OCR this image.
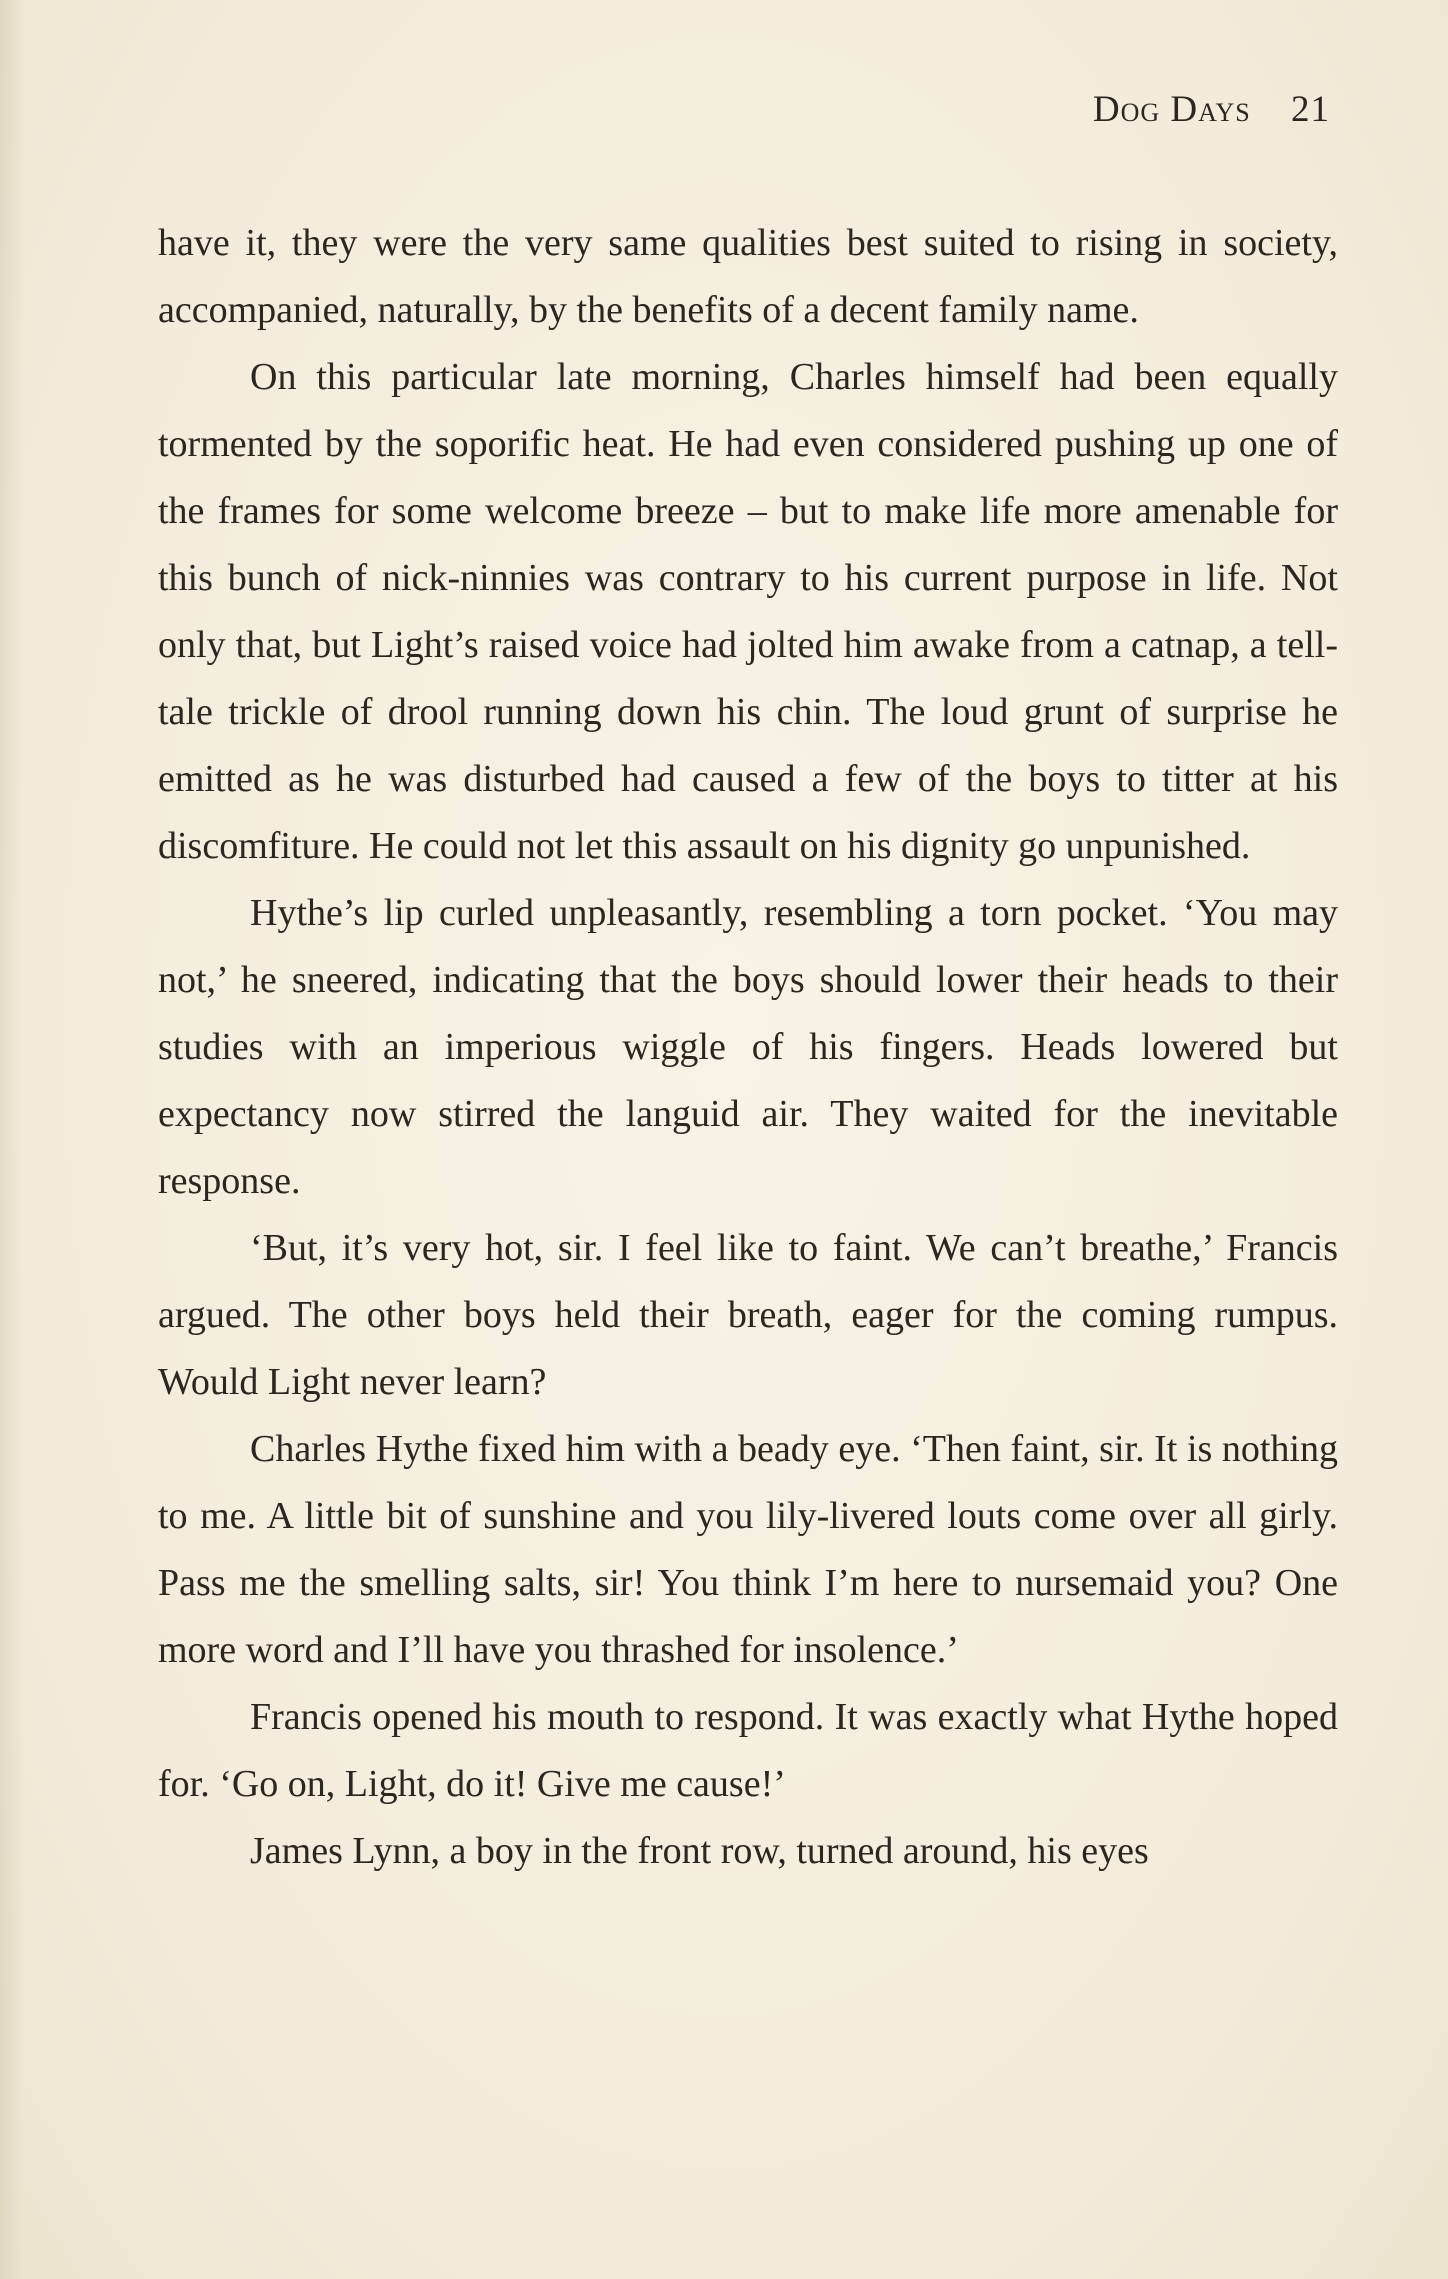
Dog Days 21

have it, they were the very same qualities best suited to rising in society, accompanied, naturally, by the benefits of a decent family name.

On this particular late morning, Charles himself had been equally tormented by the soporific heat. He had even considered pushing up one of the frames for some welcome breeze – but to make life more amenable for this bunch of nick-ninnies was contrary to his current purpose in life. Not only that, but Light’s raised voice had jolted him awake from a catnap, a tell-tale trickle of drool running down his chin. The loud grunt of surprise he emitted as he was disturbed had caused a few of the boys to titter at his discomfiture. He could not let this assault on his dignity go unpunished.

Hythe’s lip curled unpleasantly, resembling a torn pocket. ‘You may not,’ he sneered, indicating that the boys should lower their heads to their studies with an imperious wiggle of his fingers. Heads lowered but expectancy now stirred the languid air. They waited for the inevitable response.

‘But, it’s very hot, sir. I feel like to faint. We can’t breathe,’ Francis argued. The other boys held their breath, eager for the coming rumpus. Would Light never learn?

Charles Hythe fixed him with a beady eye. ‘Then faint, sir. It is nothing to me. A little bit of sunshine and you lily-livered louts come over all girly. Pass me the smelling salts, sir! You think I’m here to nursemaid you? One more word and I’ll have you thrashed for insolence.’

Francis opened his mouth to respond. It was exactly what Hythe hoped for. ‘Go on, Light, do it! Give me cause!’

James Lynn, a boy in the front row, turned around, his eyes
